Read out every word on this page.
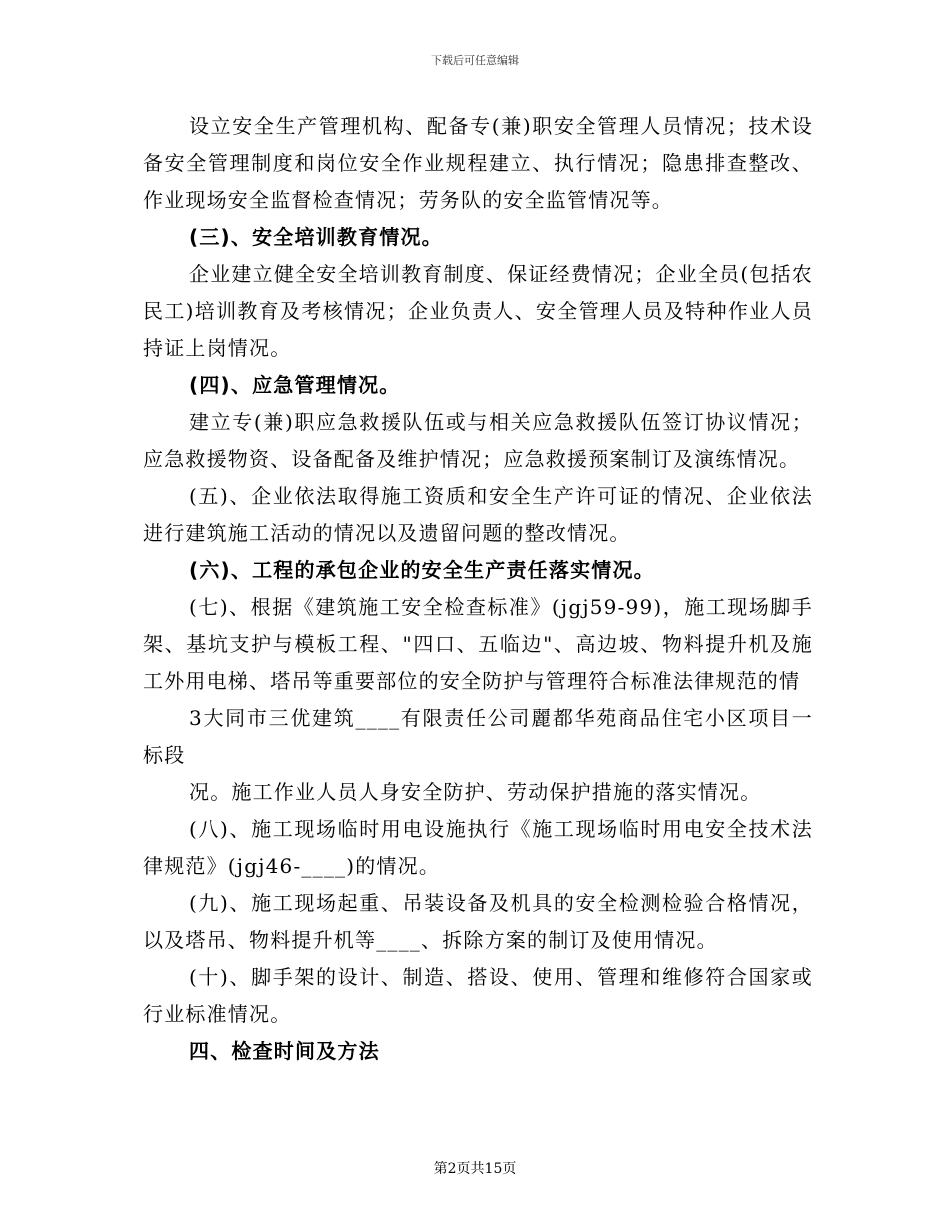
下载后可任意编辑

设立安全生产管理机构、配备专(兼)职安全管理人员情况；技术设备安全管理制度和岗位安全作业规程建立、执行情况；隐患排查整改、作业现场安全监督检查情况；劳务队的安全监管情况等。

(三)、安全培训教育情况。

企业建立健全安全培训教育制度、保证经费情况；企业全员(包括农民工)培训教育及考核情况；企业负责人、安全管理人员及特种作业人员持证上岗情况。

(四)、应急管理情况。

建立专(兼)职应急救援队伍或与相关应急救援队伍签订协议情况；应急救援物资、设备配备及维护情况；应急救援预案制订及演练情况。

(五)、企业依法取得施工资质和安全生产许可证的情况、企业依法进行建筑施工活动的情况以及遗留问题的整改情况。

(六)、工程的承包企业的安全生产责任落实情况。

(七)、根据《建筑施工安全检查标准》(jgj59-99)，施工现场脚手架、基坑支护与模板工程、"四口、五临边"、高边坡、物料提升机及施工外用电梯、塔吊等重要部位的安全防护与管理符合标准法律规范的情

3大同市三优建筑____有限责任公司麗都华苑商品住宅小区项目一标段

况。施工作业人员人身安全防护、劳动保护措施的落实情况。

(八)、施工现场临时用电设施执行《施工现场临时用电安全技术法律规范》(jgj46-____)的情况。

(九)、施工现场起重、吊装设备及机具的安全检测检验合格情况，以及塔吊、物料提升机等____、拆除方案的制订及使用情况。

(十)、脚手架的设计、制造、搭设、使用、管理和维修符合国家或行业标准情况。

四、检查时间及方法

第2页共15页
